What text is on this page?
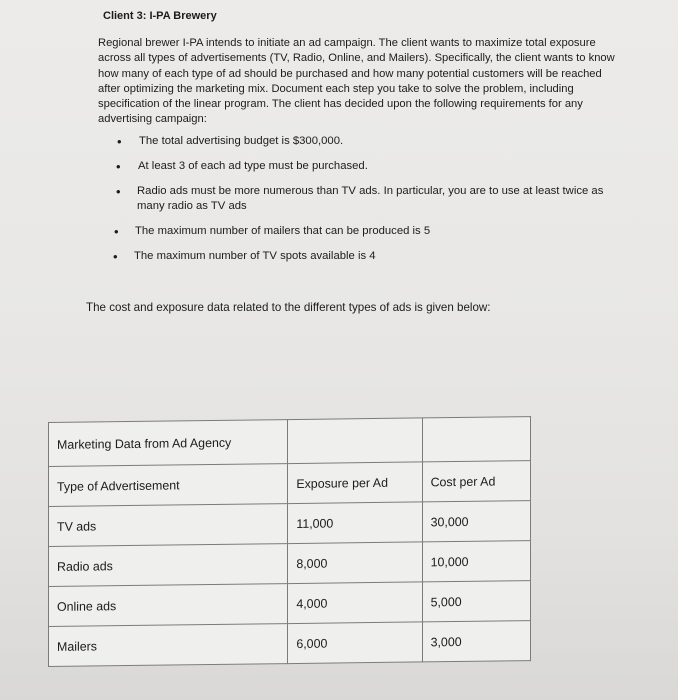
Client 3: I-PA Brewery
Regional brewer I-PA intends to initiate an ad campaign. The client wants to maximize total exposure
across all types of advertisements (TV, Radio, Online, and Mailers). Specifically, the client wants to know
how many of each type of ad should be purchased and how many potential customers will be reached
after optimizing the marketing mix. Document each step you take to solve the problem, including
specification of the linear program. The client has decided upon the following requirements for any
advertising campaign:
• The total advertising budget is $300,000.
• At least 3 of each ad type must be purchased.
• Radio ads must be more numerous than TV ads. In particular, you are to use at least twice as
many radio as TV ads
• The maximum number of mailers that can be produced is 5
• The maximum number of TV spots available is 4
The cost and exposure data related to the different types of ads is given below:
Marketing Data from Ad Agency		
Type of Advertisement	Exposure per Ad	Cost per Ad
TV ads	11,000	30,000
Radio ads	8,000	10,000
Online ads	4,000	5,000
Mailers	6,000	3,000
